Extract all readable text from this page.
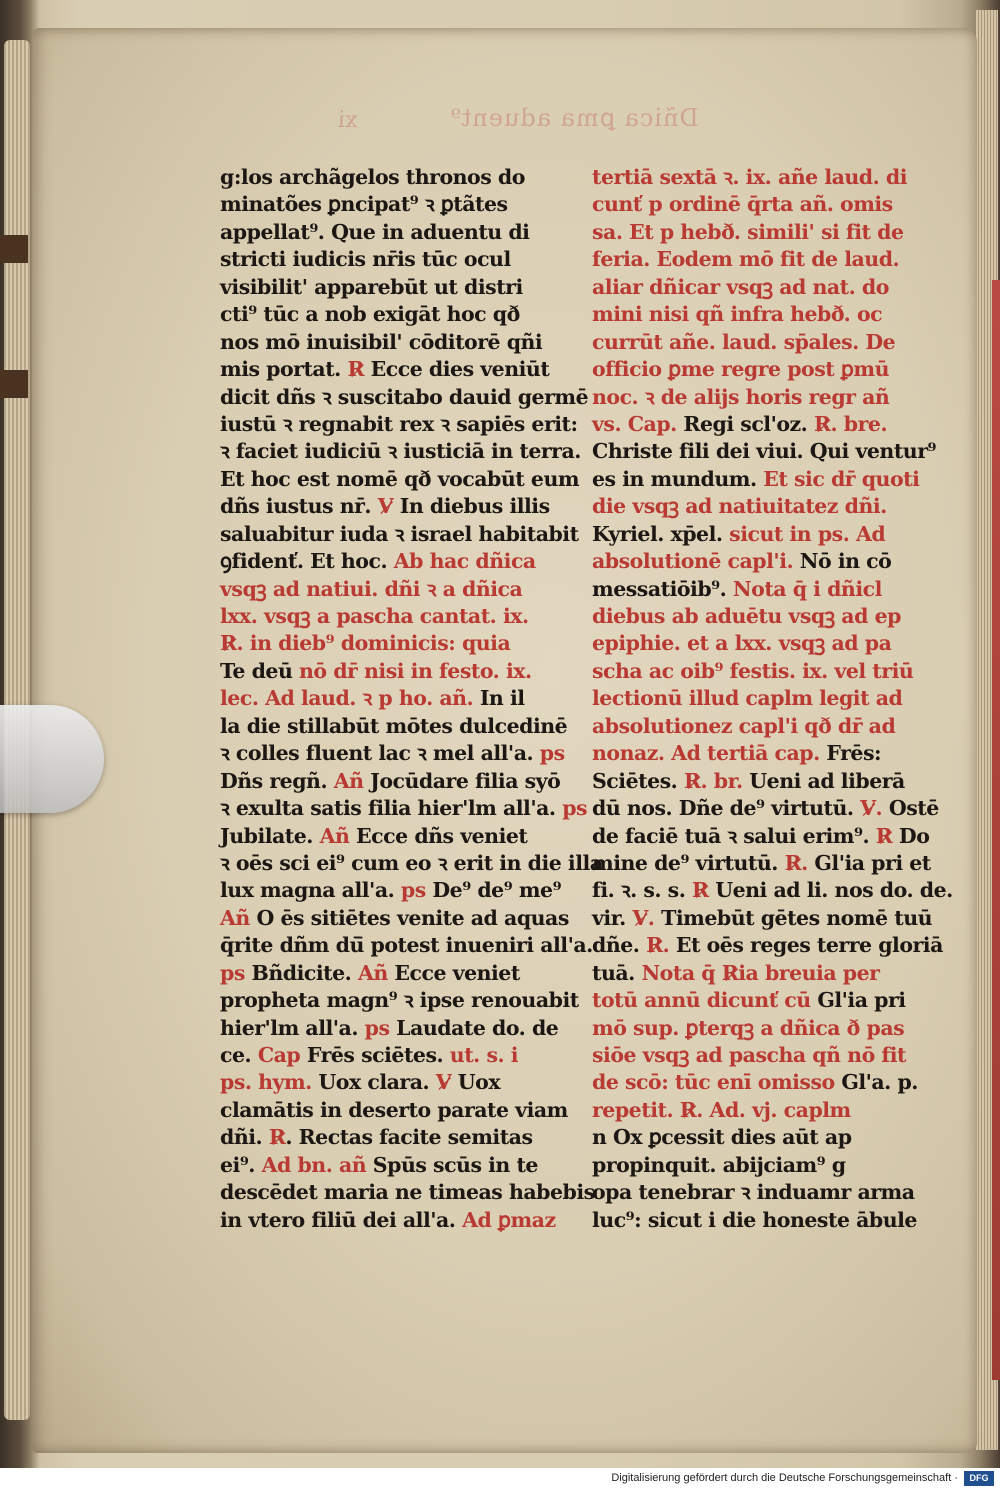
Dñica ꝑma aduent⁹
xi
g:los archãgelos thronos do
minatões ꝑncipat⁹ ꝛ ꝑtãtes
appellat⁹. Que in aduentu di
stricti iudicis nr̄is tūc ocul
visibilit' apparebūt ut distri
cti⁹ tūc a nob exigāt hoc qð
nos mō inuisibil' cōditorē qñi
mis portat. R̷ Ecce dies veniūt
dicit dñs ꝛ suscitabo dauid germē
iustū ꝛ regnabit rex ꝛ sapiēs erit:
ꝛ faciet iudiciū ꝛ iusticiā in terra.
Et hoc est nomē qð vocabūt eum
dñs iustus nr̄. V̷ In diebus illis
saluabitur iuda ꝛ israel habitabit
ꝯfidenť. Et hoc. Ab hac dñica
vsqꝫ ad natiui. dñi ꝛ a dñica
lxx. vsqꝫ a pascha cantat. ix.
R̷. in dieb⁹ dominicis: quia
Te deū nō dr̄ nisi in festo. ix.
lec. Ad laud. ꝛ p ho. añ. In il
la die stillabūt mōtes dulcedinē
ꝛ colles fluent lac ꝛ mel all'a. ps
Dñs regñ. Añ Jocūdare filia syō
ꝛ exulta satis filia hier'lm all'a. ps
Jubilate. Añ Ecce dñs veniet
ꝛ oēs sci ei⁹ cum eo ꝛ erit in die illa
lux magna all'a. ps De⁹ de⁹ me⁹
Añ O ēs sitiētes venite ad aquas
q̄rite dñm dū̄ potest inueniri all'a.
ps Bñdicite. Añ Ecce veniet
propheta magn⁹ ꝛ ipse renouabit
hier'lm all'a. ps Laudate do. de
ce. Cap Frēs sciētes. ut. s. i
ps. hym. Uox clara. V̷ Uox
clamātis in deserto parate viam
dñi. R̷. Rectas facite semitas
ei⁹. Ad bn. añ Spūs scūs in te
descēdet maria ne timeas habebis
in vtero filiū dei all'a. Ad ꝑmaz
tertiā sextā ꝛ. ix. añe laud. di
cunť p ordinē q̄rta añ. omis
sa. Et p hebð. simili' si fit de
feria. Eodem mō fit de laud.
aliar dñicar vsqꝫ ad nat. do
mini nisi qñ infra hebð. oc
currūt añe. laud. sp̄ales. De
officio ꝑme regre post ꝑmū
noc. ꝛ de alijs horis regr añ
vs. Cap. Regi scl'oz. R̷. bre.
Christe fili dei viui. Qui ventur⁹
es in mundum. Et sic dr̄ quoti
die vsqꝫ ad natiuitatez dñi.
Kyriel. xp̄el. sicut in ps. Ad
absolutionē capl'i. Nō in cō
messatiōib⁹. Nota q̄ i dñicl
diebus ab aduētu vsqꝫ ad ep
epiphie. et a lxx. vsqꝫ ad pa
scha ac oib⁹ festis. ix. vel triū
lectionū illud caplm legit ad
absolutionez capl'i qð dr̄ ad
nonaz. Ad tertiā cap. Frēs:
Sciētes. R̷. br. Ueni ad liberā
dū nos. Dñe de⁹ virtutū. V̷. Ostē
de faciē tuā ꝛ salui erim⁹. R̷ Do
mine de⁹ virtutū. R̷. Gl'ia pri et
fi. ꝛ. s. s. R̷ Ueni ad li. nos do. de.
vir. V̷. Timebūt gētes nomē tuū
dñe. R̷. Et oēs reges terre gloriā
tuā. Nota q̄ R̷ia breuia per
totū annū dicunť cū Gl'ia pri
mō sup. ꝑterqꝫ a dñica ð pas
siōe vsqꝫ ad pascha qñ nō fit
de scō: tūc enī omisso Gl'a. p.
repetit. R̷. Ad. vj. caplm
n Ox ꝑcessit dies aūt ap
propinquit. abijciam⁹ g
opa tenebrar ꝛ induamr arma
luc⁹: sicut i die honeste ābule
Digitalisierung gefördert durch die Deutsche Forschungsgemeinschaft ·	DFG
